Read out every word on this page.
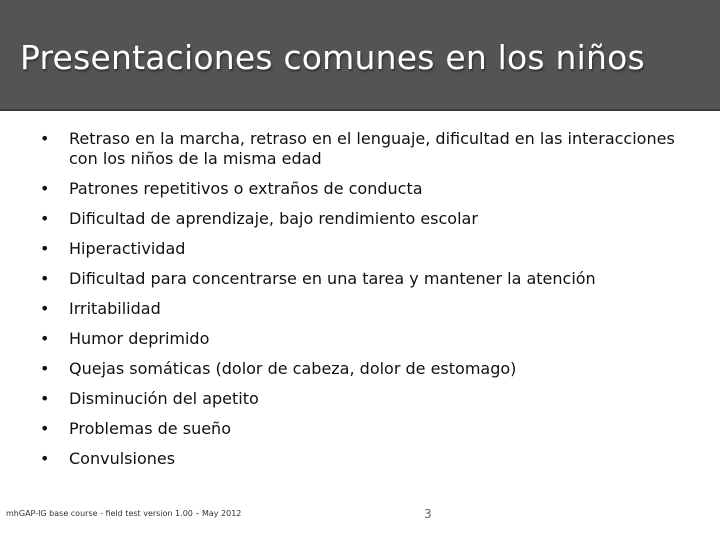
Presentaciones comunes en los niños
• Retraso en la marcha, retraso en el lenguaje, dificultad en las interacciones con los niños de la misma edad
• Patrones repetitivos o extraños de conducta
• Dificultad de aprendizaje, bajo rendimiento escolar
• Hiperactividad
• Dificultad para concentrarse en una tarea y mantener la atención
• Irritabilidad
• Humor deprimido
• Quejas somáticas (dolor de cabeza, dolor de estomago)
• Disminución del apetito
• Problemas de sueño
• Convulsiones
mhGAP-IG base course - field test version 1.00 – May 2012	3
